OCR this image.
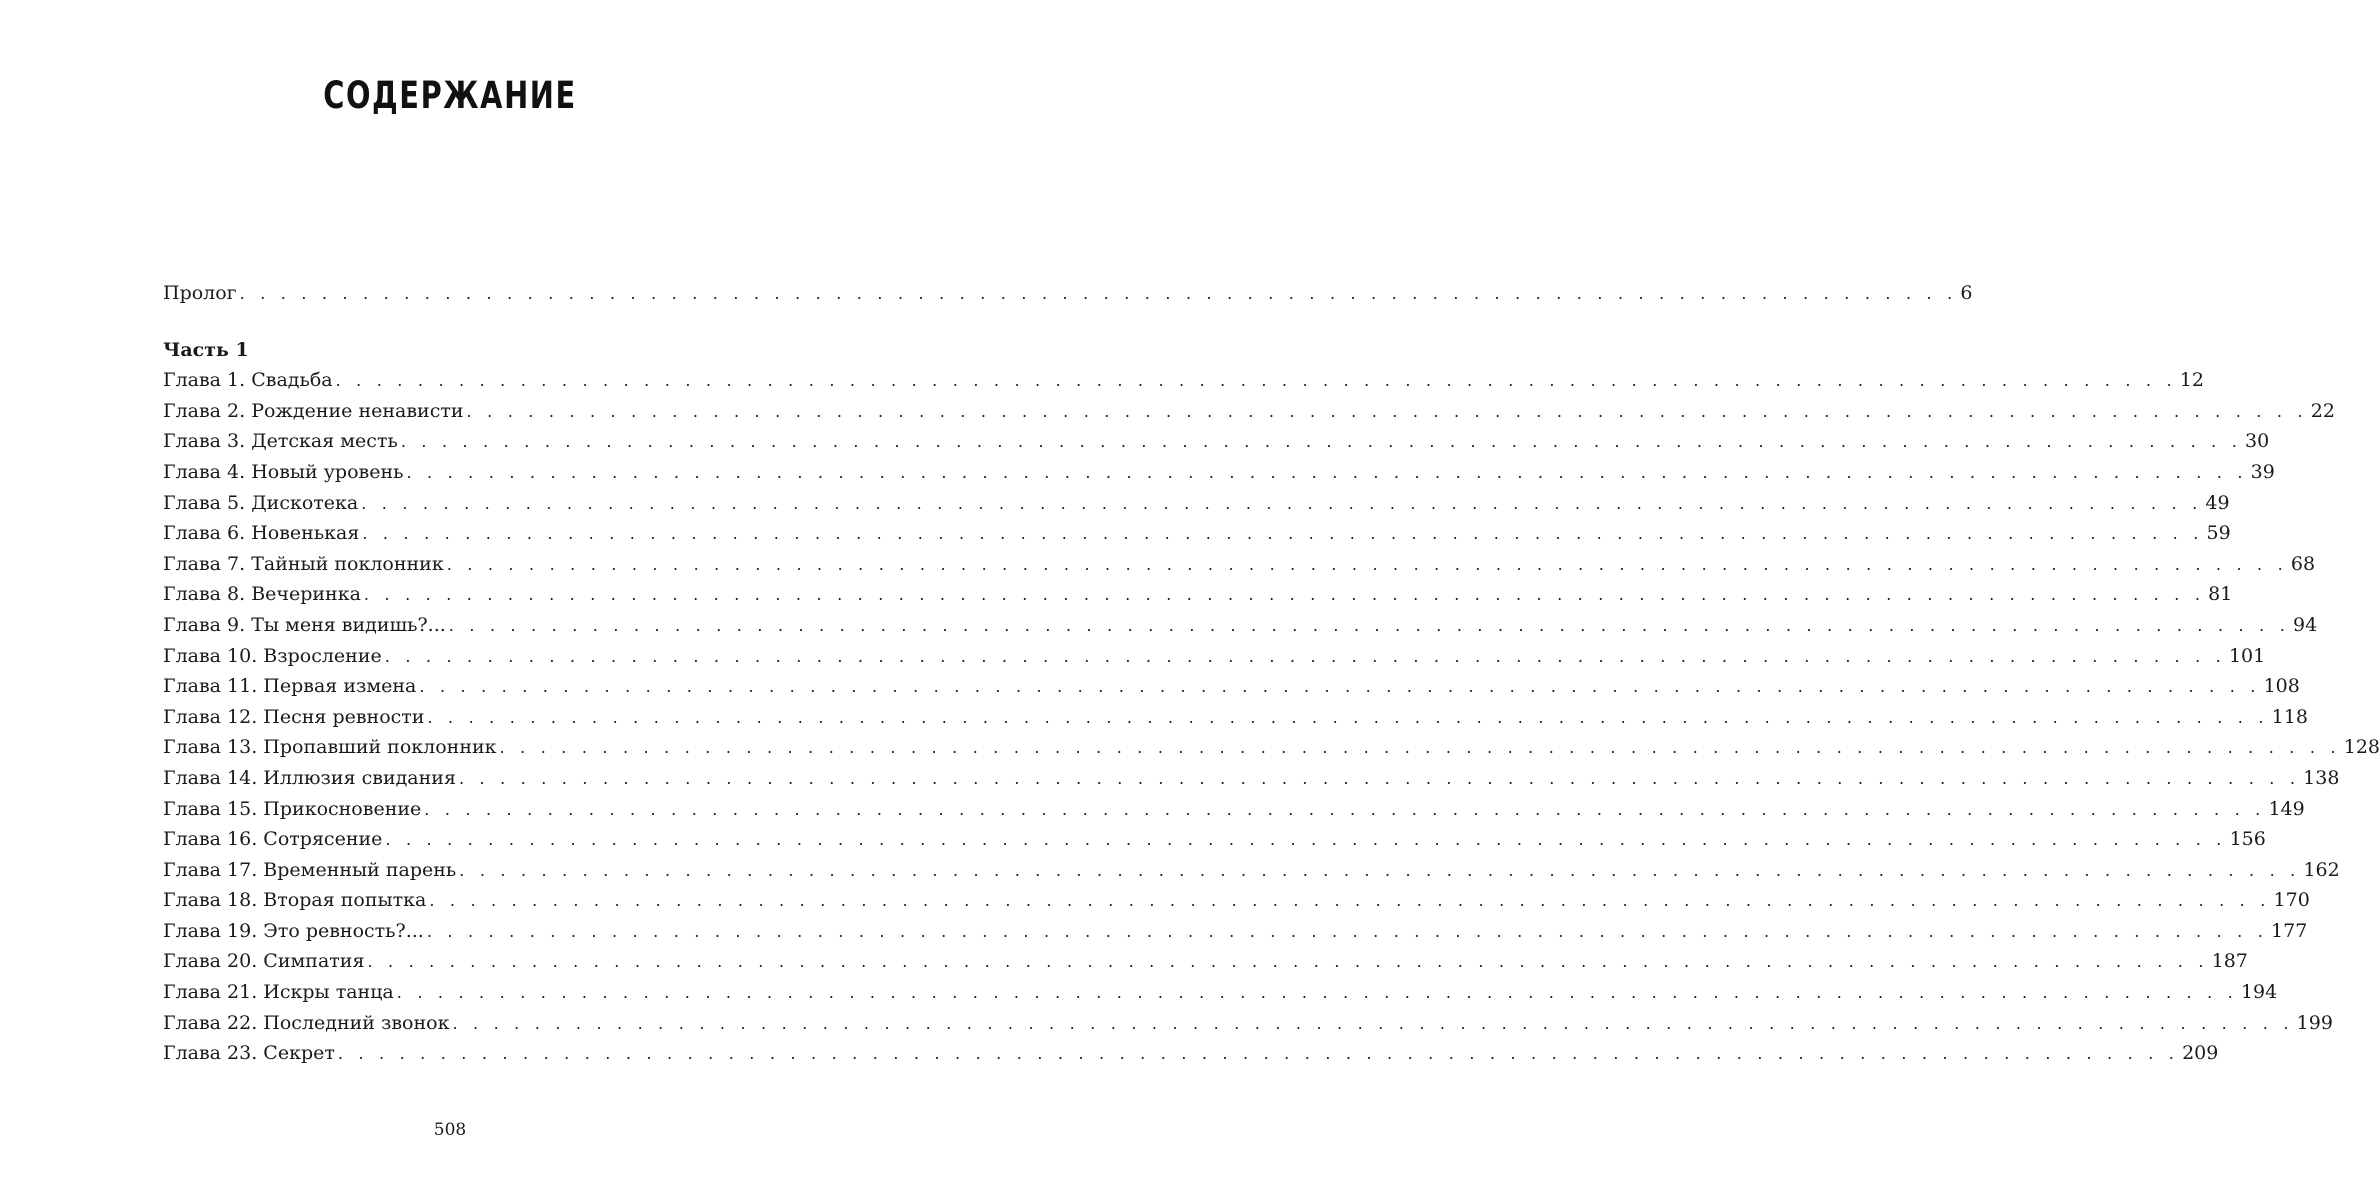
СОДЕРЖАНИЕ
Пролог . . . . . . . . . . . . . . . . . . . . . . . . . . . . . . . . . . . . . . . . . . . . . . . . . . . . . . . . . . . . . . . . . . . . . . . . . . . . . . . . . . . . 6
Часть 1
Глава 1. Свадьба . . . . . . . . . . . . . . . . . . . . . . . . . . . . . . . . . . . . . . . . . . . . . . . . . . . . . . . . . . . . . . . . . . . . . . . . . . . . . . . . . . . . . . . . . . 12
Глава 2. Рождение ненависти . . . . . . . . . . . . . . . . . . . . . . . . . . . . . . . . . . . . . . . . . . . . . . . . . . . . . . . . . . . . . . . . . . . . . . . . . . . . . . . . . . . . . . . . . . 22
Глава 3. Детская месть . . . . . . . . . . . . . . . . . . . . . . . . . . . . . . . . . . . . . . . . . . . . . . . . . . . . . . . . . . . . . . . . . . . . . . . . . . . . . . . . . . . . . . . . . . 30
Глава 4. Новый уровень . . . . . . . . . . . . . . . . . . . . . . . . . . . . . . . . . . . . . . . . . . . . . . . . . . . . . . . . . . . . . . . . . . . . . . . . . . . . . . . . . . . . . . . . . . 39
Глава 5. Дискотека . . . . . . . . . . . . . . . . . . . . . . . . . . . . . . . . . . . . . . . . . . . . . . . . . . . . . . . . . . . . . . . . . . . . . . . . . . . . . . . . . . . . . . . . . . 49
Глава 6. Новенькая . . . . . . . . . . . . . . . . . . . . . . . . . . . . . . . . . . . . . . . . . . . . . . . . . . . . . . . . . . . . . . . . . . . . . . . . . . . . . . . . . . . . . . . . . . 59
Глава 7. Тайный поклонник . . . . . . . . . . . . . . . . . . . . . . . . . . . . . . . . . . . . . . . . . . . . . . . . . . . . . . . . . . . . . . . . . . . . . . . . . . . . . . . . . . . . . . . . . . 68
Глава 8. Вечеринка . . . . . . . . . . . . . . . . . . . . . . . . . . . . . . . . . . . . . . . . . . . . . . . . . . . . . . . . . . . . . . . . . . . . . . . . . . . . . . . . . . . . . . . . . . 81
Глава 9. Ты меня видишь?... . . . . . . . . . . . . . . . . . . . . . . . . . . . . . . . . . . . . . . . . . . . . . . . . . . . . . . . . . . . . . . . . . . . . . . . . . . . . . . . . . . . . . . . . . . 94
Глава 10. Взросление . . . . . . . . . . . . . . . . . . . . . . . . . . . . . . . . . . . . . . . . . . . . . . . . . . . . . . . . . . . . . . . . . . . . . . . . . . . . . . . . . . . . . . . . . . 101
Глава 11. Первая измена . . . . . . . . . . . . . . . . . . . . . . . . . . . . . . . . . . . . . . . . . . . . . . . . . . . . . . . . . . . . . . . . . . . . . . . . . . . . . . . . . . . . . . . . . . 108
Глава 12. Песня ревности . . . . . . . . . . . . . . . . . . . . . . . . . . . . . . . . . . . . . . . . . . . . . . . . . . . . . . . . . . . . . . . . . . . . . . . . . . . . . . . . . . . . . . . . . . 118
Глава 13. Пропавший поклонник . . . . . . . . . . . . . . . . . . . . . . . . . . . . . . . . . . . . . . . . . . . . . . . . . . . . . . . . . . . . . . . . . . . . . . . . . . . . . . . . . . . . . . . . . . 128
Глава 14. Иллюзия свидания . . . . . . . . . . . . . . . . . . . . . . . . . . . . . . . . . . . . . . . . . . . . . . . . . . . . . . . . . . . . . . . . . . . . . . . . . . . . . . . . . . . . . . . . . . 138
Глава 15. Прикосновение . . . . . . . . . . . . . . . . . . . . . . . . . . . . . . . . . . . . . . . . . . . . . . . . . . . . . . . . . . . . . . . . . . . . . . . . . . . . . . . . . . . . . . . . . . 149
Глава 16. Сотрясение . . . . . . . . . . . . . . . . . . . . . . . . . . . . . . . . . . . . . . . . . . . . . . . . . . . . . . . . . . . . . . . . . . . . . . . . . . . . . . . . . . . . . . . . . . 156
Глава 17. Временный парень . . . . . . . . . . . . . . . . . . . . . . . . . . . . . . . . . . . . . . . . . . . . . . . . . . . . . . . . . . . . . . . . . . . . . . . . . . . . . . . . . . . . . . . . . . 162
Глава 18. Вторая попытка . . . . . . . . . . . . . . . . . . . . . . . . . . . . . . . . . . . . . . . . . . . . . . . . . . . . . . . . . . . . . . . . . . . . . . . . . . . . . . . . . . . . . . . . . . 170
Глава 19. Это ревность?... . . . . . . . . . . . . . . . . . . . . . . . . . . . . . . . . . . . . . . . . . . . . . . . . . . . . . . . . . . . . . . . . . . . . . . . . . . . . . . . . . . . . . . . . . . 177
Глава 20. Симпатия . . . . . . . . . . . . . . . . . . . . . . . . . . . . . . . . . . . . . . . . . . . . . . . . . . . . . . . . . . . . . . . . . . . . . . . . . . . . . . . . . . . . . . . . . . 187
Глава 21. Искры танца . . . . . . . . . . . . . . . . . . . . . . . . . . . . . . . . . . . . . . . . . . . . . . . . . . . . . . . . . . . . . . . . . . . . . . . . . . . . . . . . . . . . . . . . . . 194
Глава 22. Последний звонок . . . . . . . . . . . . . . . . . . . . . . . . . . . . . . . . . . . . . . . . . . . . . . . . . . . . . . . . . . . . . . . . . . . . . . . . . . . . . . . . . . . . . . . . . . 199
Глава 23. Секрет . . . . . . . . . . . . . . . . . . . . . . . . . . . . . . . . . . . . . . . . . . . . . . . . . . . . . . . . . . . . . . . . . . . . . . . . . . . . . . . . . . . . . . . . . . 209
508
